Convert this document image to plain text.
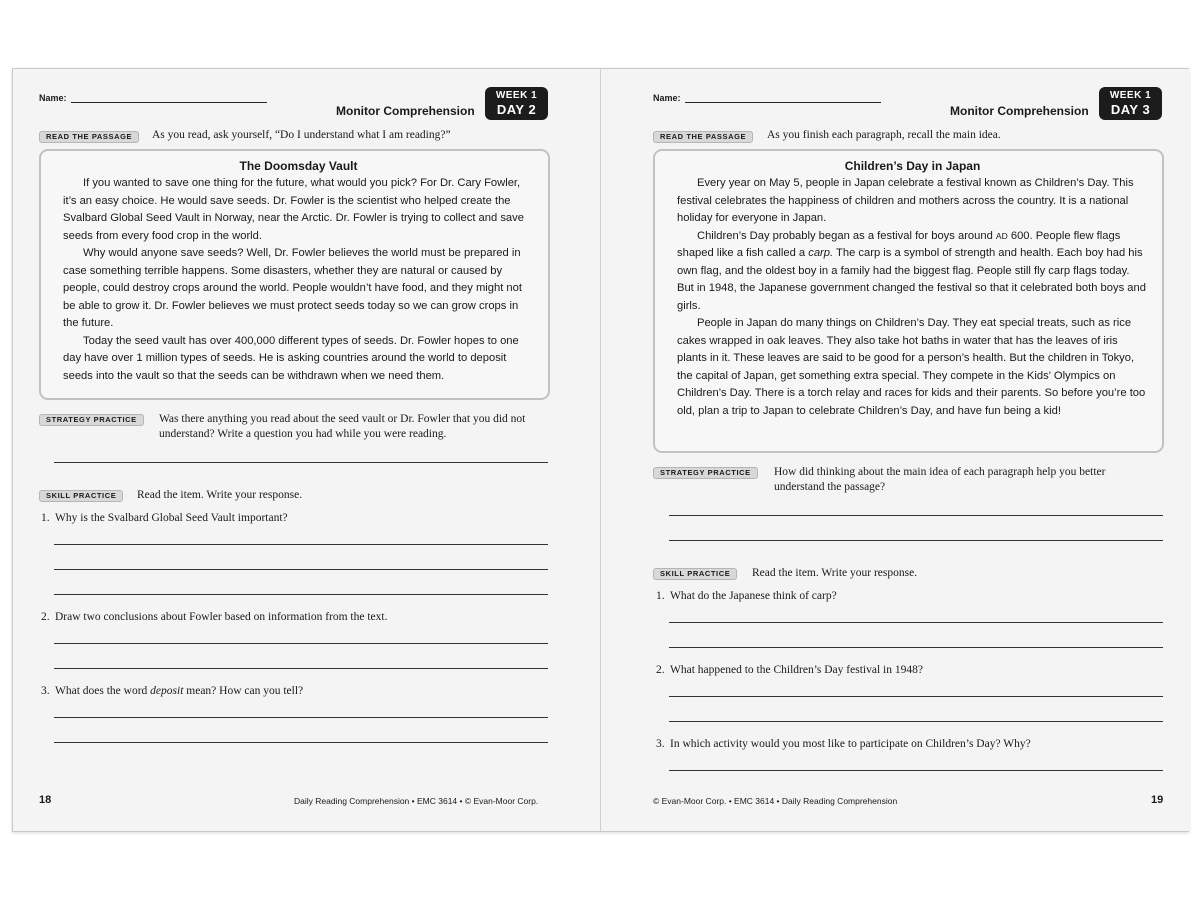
Name:
Monitor Comprehension
WEEK 1
DAY 2
READ THE PASSAGE	As you read, ask yourself, “Do I understand what I am reading?”
The Doomsday Vault

If you wanted to save one thing for the future, what would you pick? For Dr. Cary Fowler, it’s an easy choice. He would save seeds. Dr. Fowler is the scientist who helped create the Svalbard Global Seed Vault in Norway, near the Arctic. Dr. Fowler is trying to collect and save seeds from every food crop in the world.

Why would anyone save seeds? Well, Dr. Fowler believes the world must be prepared in case something terrible happens. Some disasters, whether they are natural or caused by people, could destroy crops around the world. People wouldn’t have food, and they might not be able to grow it. Dr. Fowler believes we must protect seeds today so we can grow crops in the future.

Today the seed vault has over 400,000 different types of seeds. Dr. Fowler hopes to one day have over 1 million types of seeds. He is asking countries around the world to deposit seeds into the vault so that the seeds can be withdrawn when we need them.

STRATEGY PRACTICE	Was there anything you read about the seed vault or Dr. Fowler that you did not
understand? Write a question you had while you were reading.
SKILL PRACTICE	Read the item. Write your response.
1. Why is the Svalbard Global Seed Vault important?
2. Draw two conclusions about Fowler based on information from the text.
3. What does the word deposit mean? How can you tell?
18	Daily Reading Comprehension • EMC 3614 • © Evan-Moor Corp.
Name:
Monitor Comprehension
WEEK 1
DAY 3
READ THE PASSAGE	As you finish each paragraph, recall the main idea.
Children’s Day in Japan

Every year on May 5, people in Japan celebrate a festival known as Children’s Day. This festival celebrates the happiness of children and mothers across the country. It is a national holiday for everyone in Japan.

Children’s Day probably began as a festival for boys around AD 600. People flew flags shaped like a fish called a carp. The carp is a symbol of strength and health. Each boy had his own flag, and the oldest boy in a family had the biggest flag. People still fly carp flags today. But in 1948, the Japanese government changed the festival so that it celebrated both boys and girls.

People in Japan do many things on Children’s Day. They eat special treats, such as rice cakes wrapped in oak leaves. They also take hot baths in water that has the leaves of iris plants in it. These leaves are said to be good for a person’s health. But the children in Tokyo, the capital of Japan, get something extra special. They compete in the Kids’ Olympics on Children’s Day. There is a torch relay and races for kids and their parents. So before you’re too old, plan a trip to Japan to celebrate Children’s Day, and have fun being a kid!

STRATEGY PRACTICE	How did thinking about the main idea of each paragraph help you better
understand the passage?
SKILL PRACTICE	Read the item. Write your response.
1. What do the Japanese think of carp?
2. What happened to the Children’s Day festival in 1948?
3. In which activity would you most like to participate on Children’s Day? Why?
© Evan-Moor Corp. • EMC 3614 • Daily Reading Comprehension	19
